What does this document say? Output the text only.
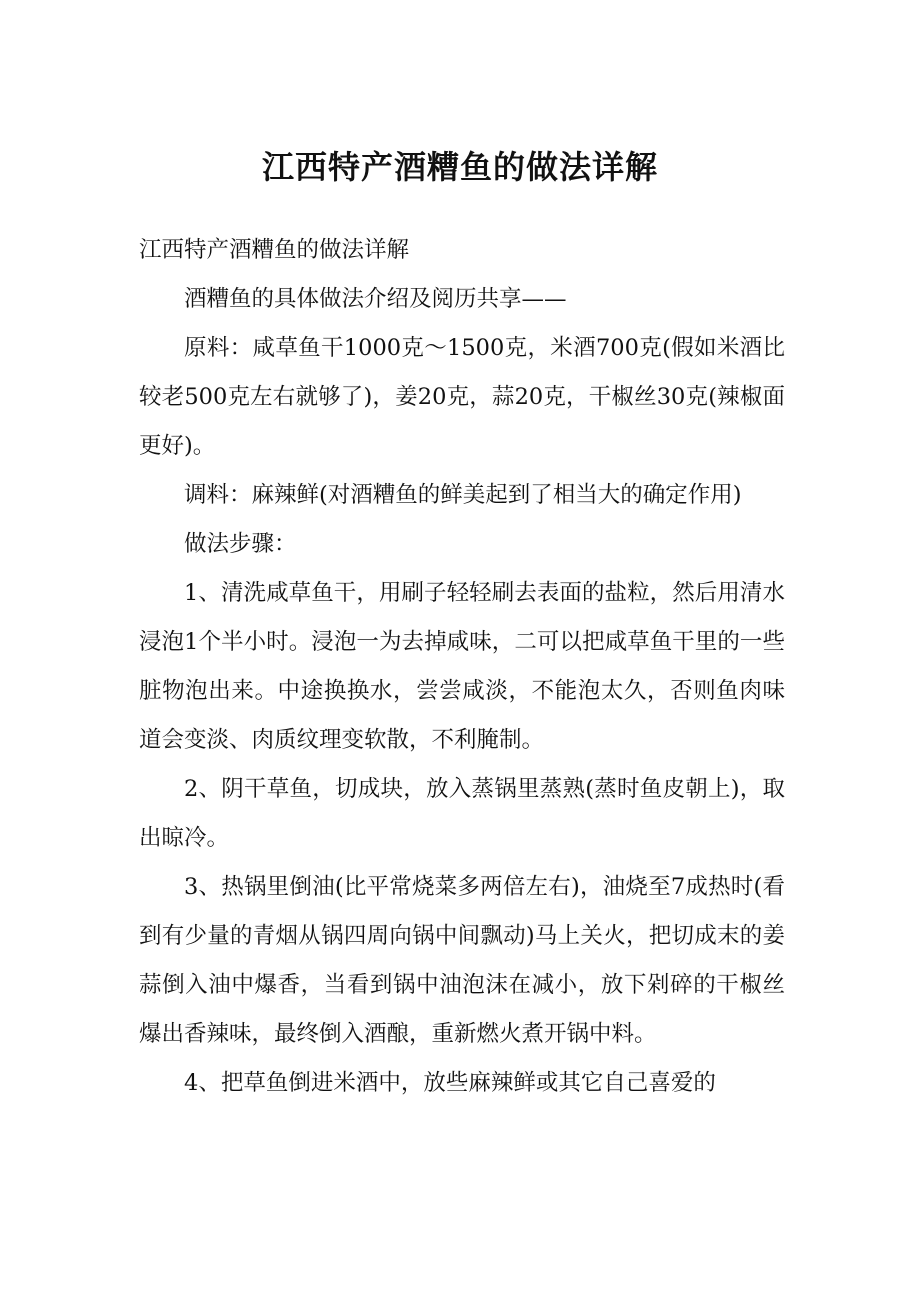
江西特产酒糟鱼的做法详解

江西特产酒糟鱼的做法详解

酒糟鱼的具体做法介绍及阅历共享——

原料：咸草鱼干1000克～1500克，米酒700克(假如米酒比较老500克左右就够了)，姜20克，蒜20克，干椒丝30克(辣椒面更好)。

调料：麻辣鲜(对酒糟鱼的鲜美起到了相当大的确定作用)

做法步骤：

1、清洗咸草鱼干，用刷子轻轻刷去表面的盐粒，然后用清水浸泡1个半小时。浸泡一为去掉咸味，二可以把咸草鱼干里的一些脏物泡出来。中途换换水，尝尝咸淡，不能泡太久，否则鱼肉味道会变淡、肉质纹理变软散，不利腌制。

2、阴干草鱼，切成块，放入蒸锅里蒸熟(蒸时鱼皮朝上)，取出晾冷。

3、热锅里倒油(比平常烧菜多两倍左右)，油烧至7成热时(看到有少量的青烟从锅四周向锅中间飘动)马上关火，把切成末的姜蒜倒入油中爆香，当看到锅中油泡沫在减小，放下剁碎的干椒丝爆出香辣味，最终倒入酒酿，重新燃火煮开锅中料。

4、把草鱼倒进米酒中，放些麻辣鲜或其它自己喜爱的
